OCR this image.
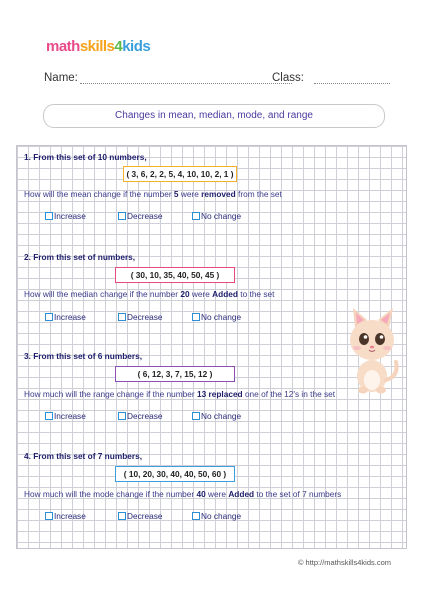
mathskills4kids
Name:	Class:
Changes in mean, median, mode, and range
1. From this set of 10 numbers,
( 3, 6, 2, 2, 5, 4, 10, 10, 2, 1 )
How will the mean change if the number 5 were removed from the set
Increase	Decrease	No change
2. From this set of numbers,
( 30, 10, 35, 40, 50, 45 )
How will the median change if the number 20 were Added to the set
Increase	Decrease	No change
3. From this set of 6 numbers,
( 6, 12, 3, 7, 15, 12 )
How much will the range change if the number 13 replaced one of the 12's in the set
Increase	Decrease	No change
4. From this set of 7 numbers,
( 10, 20, 30, 40, 40, 50, 60 )
How much will the mode change if the number 40 were Added to the set of 7 numbers
Increase	Decrease	No change
© http://mathskills4kids.com
